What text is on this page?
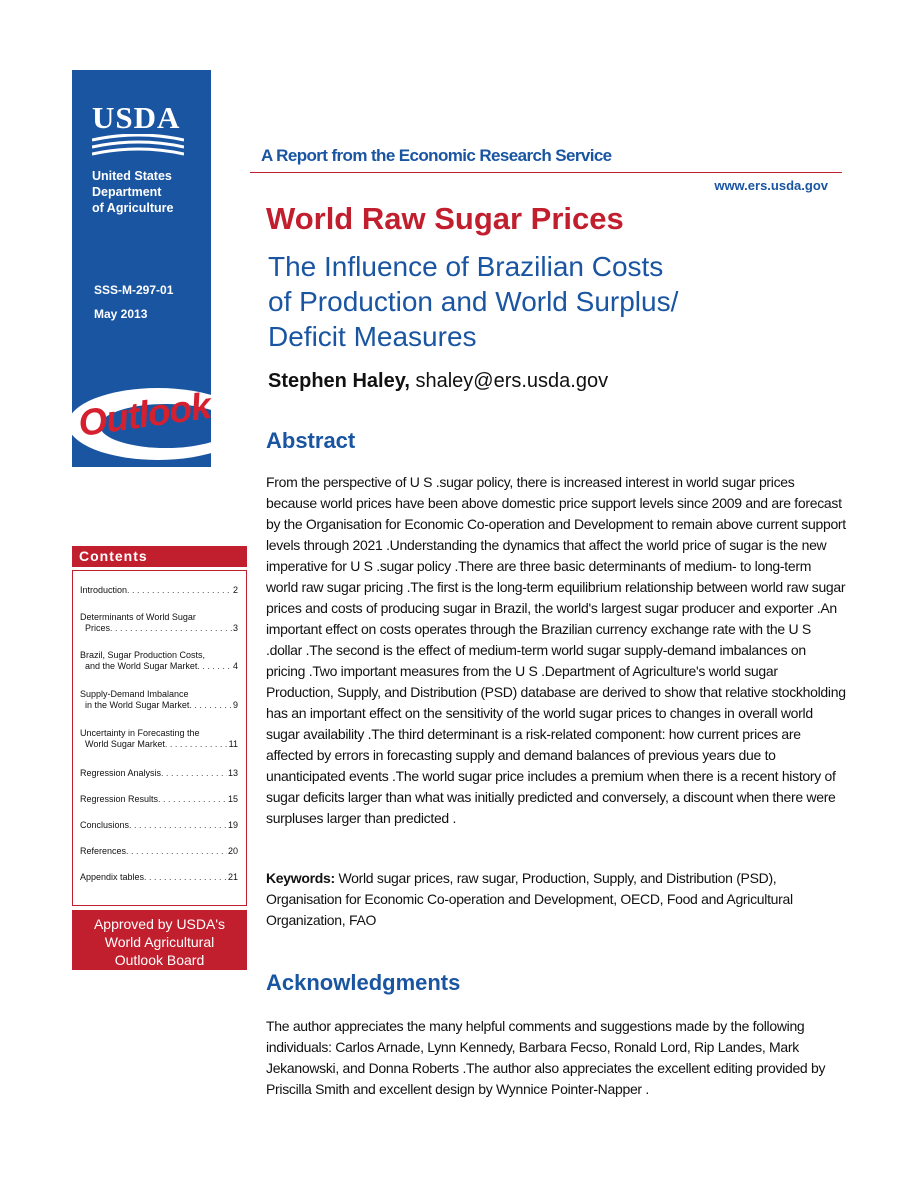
USDA
United States
Department
of Agriculture
SSS-M-297-01
May 2013
Outlook
Contents
Introduction . . .	2
Determinants of World Sugar
Prices . . .	3
Brazil, Sugar Production Costs,
and the World Sugar Market . . .	4
Supply-Demand Imbalance
in the World Sugar Market . . .	9
Uncertainty in Forecasting the
World Sugar Market . . .	11
Regression Analysis . . .	13
Regression Results . . .	15
Conclusions . . .	19
References . . .	20
Appendix tables . . .	21
Approved by USDA's
World Agricultural
Outlook Board
A Report from the Economic Research Service
www.ers.usda.gov
World Raw Sugar Prices
The Influence of Brazilian Costs
of Production and World Surplus/
Deficit Measures
Stephen Haley, shaley@ers.usda.gov
Abstract
From the perspective of U S .sugar policy, there is increased interest in world sugar prices because world prices have been above domestic price support levels since 2009 and are forecast by the Organisation for Economic Co-operation and Development to remain above current support levels through 2021 .Understanding the dynamics that affect the world price of sugar is the new imperative for U S .sugar policy .There are three basic determinants of medium- to long-term world raw sugar pricing .The first is the long-term equilibrium relationship between world raw sugar prices and costs of producing sugar in Brazil, the world's largest sugar producer and exporter .An important effect on costs operates through the Brazilian currency exchange rate with the U S .dollar .The second is the effect of medium-term world sugar supply-demand imbalances on pricing .Two important measures from the U S .Department of Agriculture's world sugar Production, Supply, and Distribution (PSD) database are derived to show that relative stockholding has an important effect on the sensitivity of the world sugar prices to changes in overall world sugar availability .The third determinant is a risk-related component: how current prices are affected by errors in forecasting supply and demand balances of previous years due to unanticipated events .The world sugar price includes a premium when there is a recent history of sugar deficits larger than what was initially predicted and conversely, a discount when there were surpluses larger than predicted .
Keywords: World sugar prices, raw sugar, Production, Supply, and Distribution (PSD), Organisation for Economic Co-operation and Development, OECD, Food and Agricultural Organization, FAO
Acknowledgments
The author appreciates the many helpful comments and suggestions made by the following individuals: Carlos Arnade, Lynn Kennedy, Barbara Fecso, Ronald Lord, Rip Landes, Mark Jekanowski, and Donna Roberts .The author also appreciates the excellent editing provided by Priscilla Smith and excellent design by Wynnice Pointer-Napper .
